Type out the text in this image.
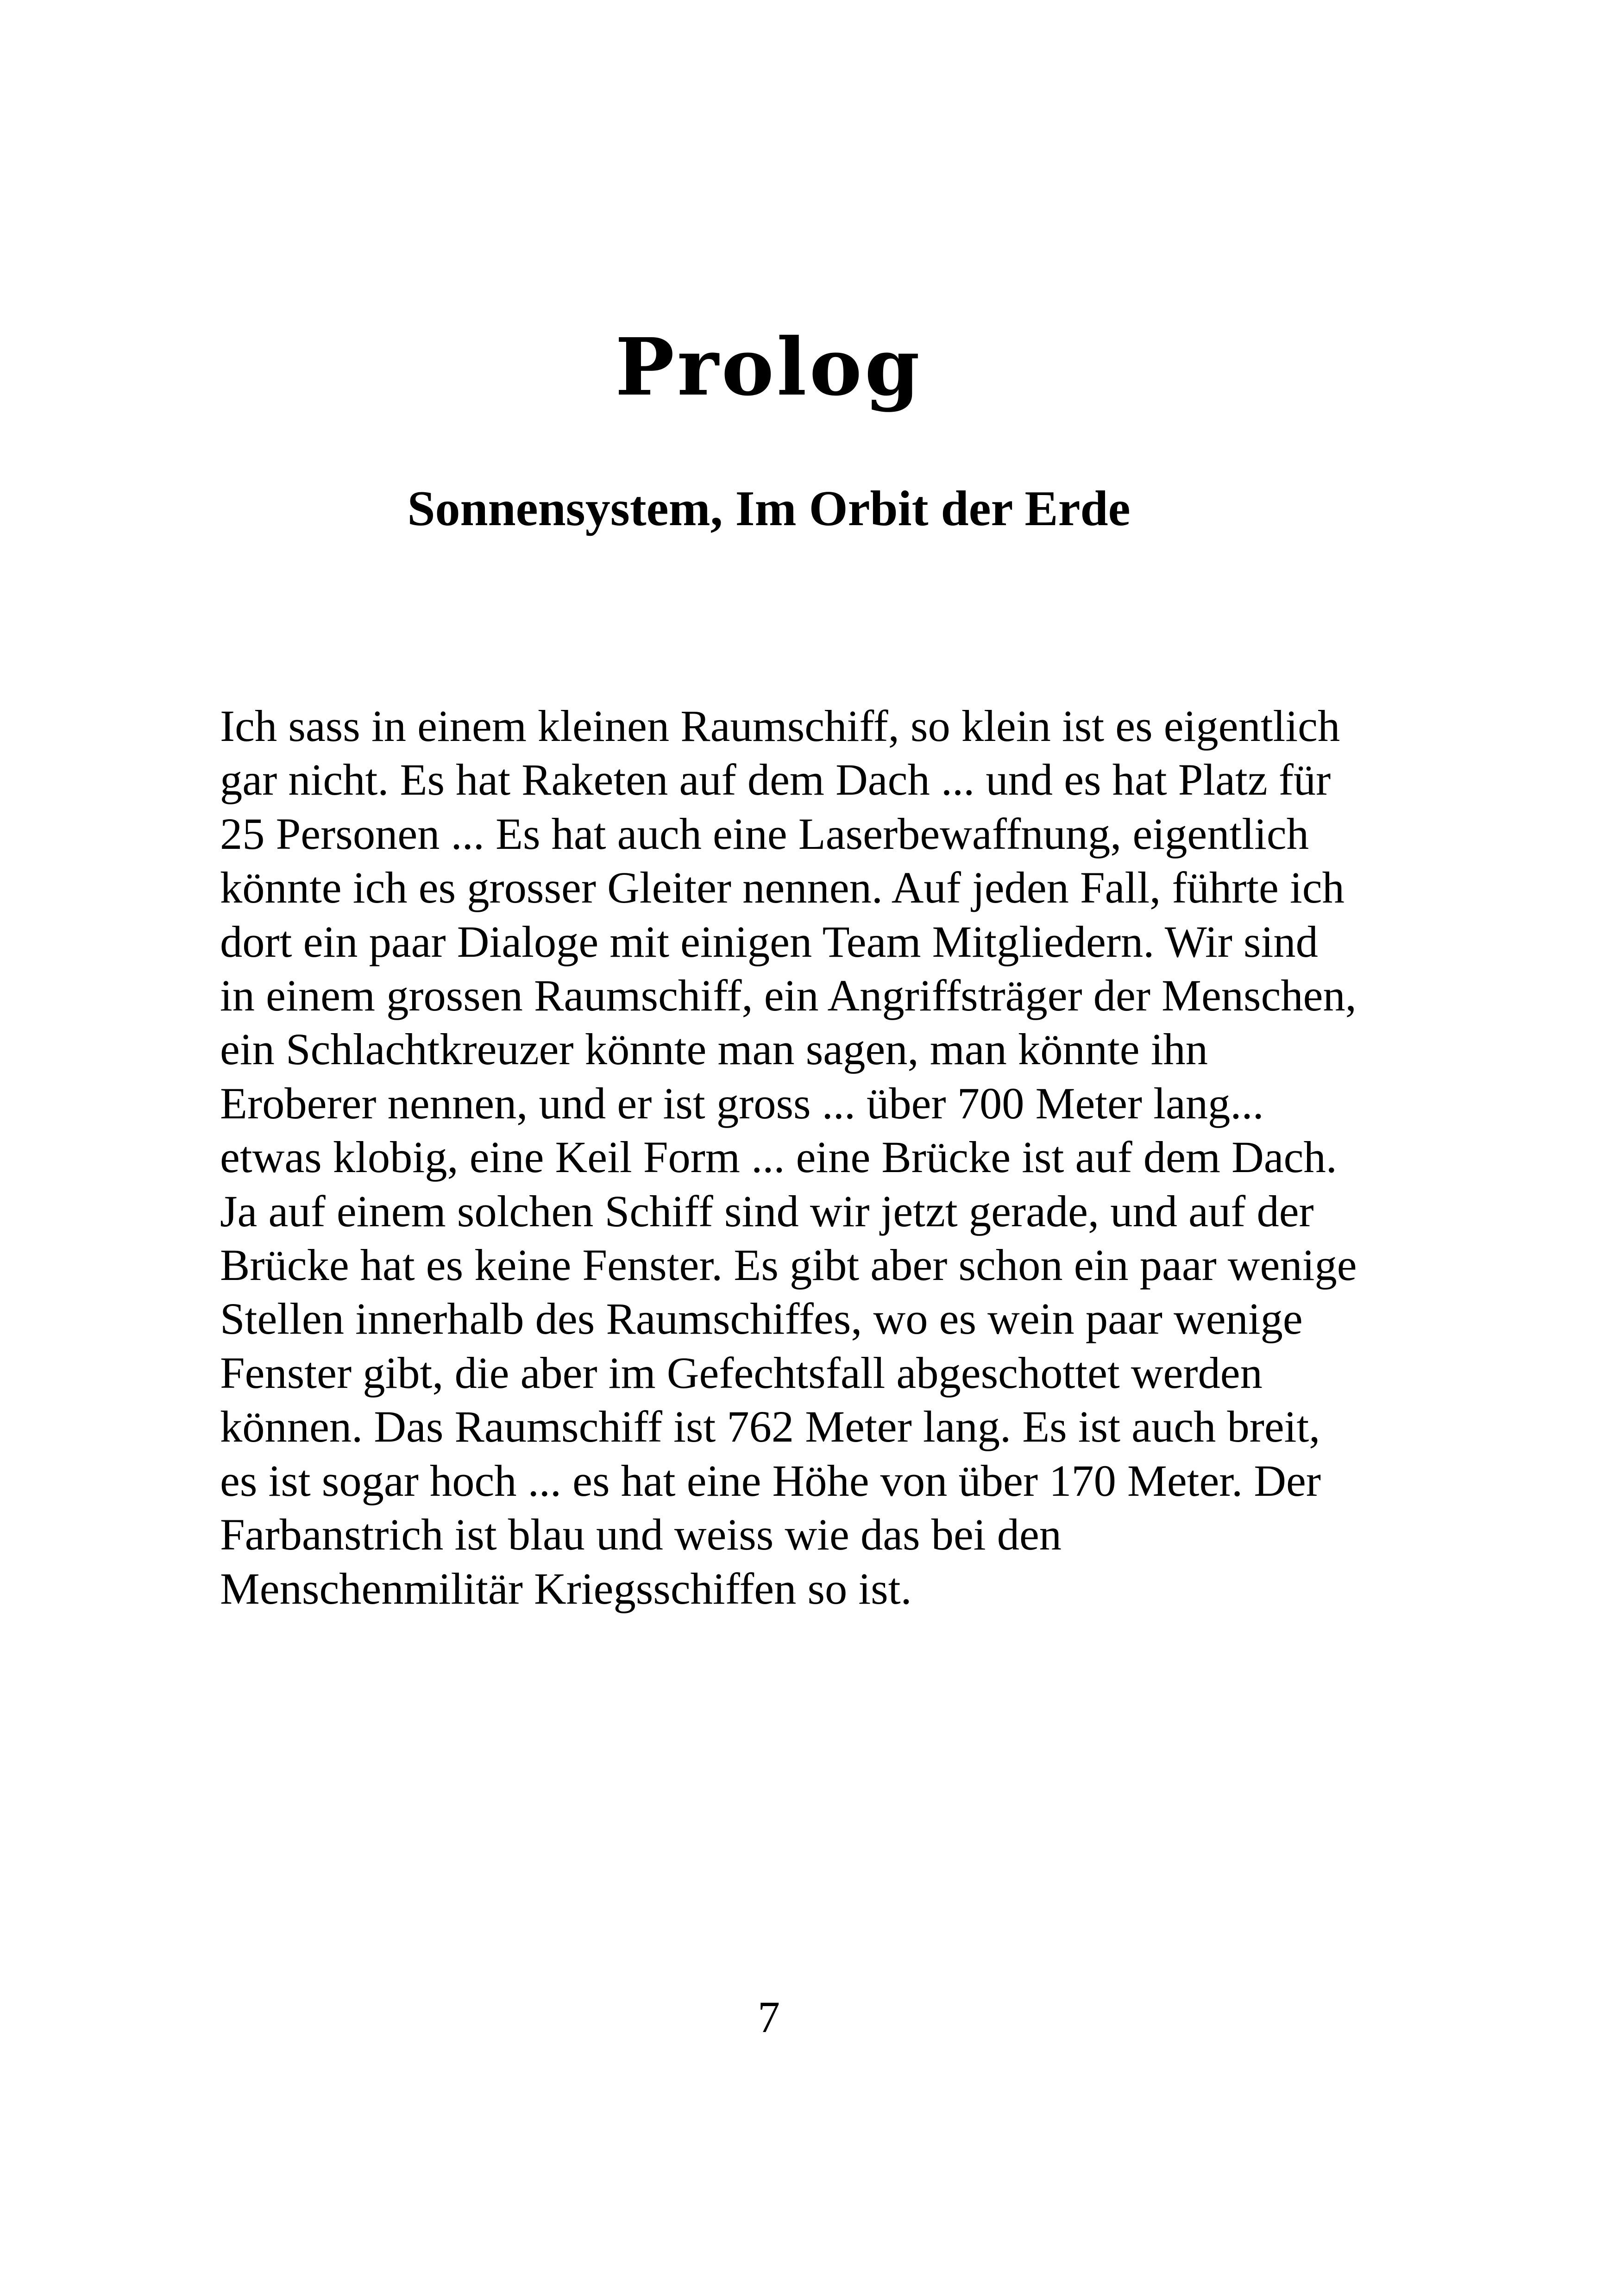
Prolog
Sonnensystem, Im Orbit der Erde
Ich sass in einem kleinen Raumschiff, so klein ist es eigentlich
gar nicht. Es hat Raketen auf dem Dach ... und es hat Platz für
25 Personen ... Es hat auch eine Laserbewaffnung, eigentlich
könnte ich es grosser Gleiter nennen. Auf jeden Fall, führte ich
dort ein paar Dialoge mit einigen Team Mitgliedern. Wir sind
in einem grossen Raumschiff, ein Angriffsträger der Menschen,
ein Schlachtkreuzer könnte man sagen, man könnte ihn
Eroberer nennen, und er ist gross ... über 700 Meter lang...
etwas klobig, eine Keil Form ... eine Brücke ist auf dem Dach.
Ja auf einem solchen Schiff sind wir jetzt gerade, und auf der
Brücke hat es keine Fenster. Es gibt aber schon ein paar wenige
Stellen innerhalb des Raumschiffes, wo es wein paar wenige
Fenster gibt, die aber im Gefechtsfall abgeschottet werden
können. Das Raumschiff ist 762 Meter lang. Es ist auch breit,
es ist sogar hoch ... es hat eine Höhe von über 170 Meter. Der
Farbanstrich ist blau und weiss wie das bei den
Menschenmilitär Kriegsschiffen so ist.
7
